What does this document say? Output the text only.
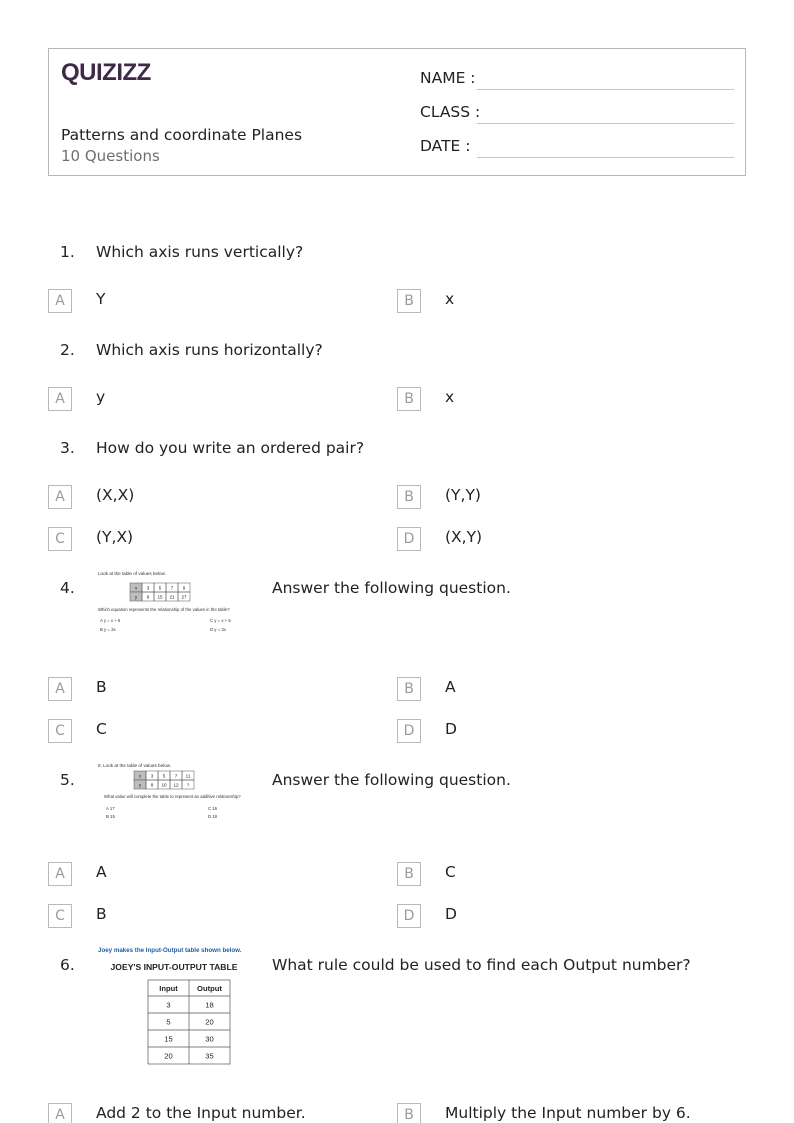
QUIZIZZ
Patterns and coordinate Planes
10 Questions
NAME :
CLASS :
DATE :
1. Which axis runs vertically?
A	Y	B	x
2. Which axis runs horizontally?
A	y	B	x
3. How do you write an ordered pair?
A	(X,X)	B	(Y,Y)
C	(Y,X)	D	(X,Y)
4.
Look at the table of values below.
x 3 5 7 9
y 9 15 21 27
Which equation represents the relationship of the values in the table?
A y = x + 6	C y = x + 5
B y = 3x	D y = 3x
Answer the following question.
A	B	B	A
C	C	D	D
5.
8. Look at the table of values below.
x 3 5 7 11
y 8 10 12 ?
What value will complete the table to represent an additive relationship?
A 17	C 16
B 15	D 18
Answer the following question.
A	A	B	C
C	B	D	D
6.
Joey makes the Input-Output table shown below.
JOEY'S INPUT-OUTPUT TABLE
Input	Output
3	18
5	20
15	30
20	35
What rule could be used to find each Output number?
A	Add 2 to the Input number.	B	Multiply the Input number by 6.
